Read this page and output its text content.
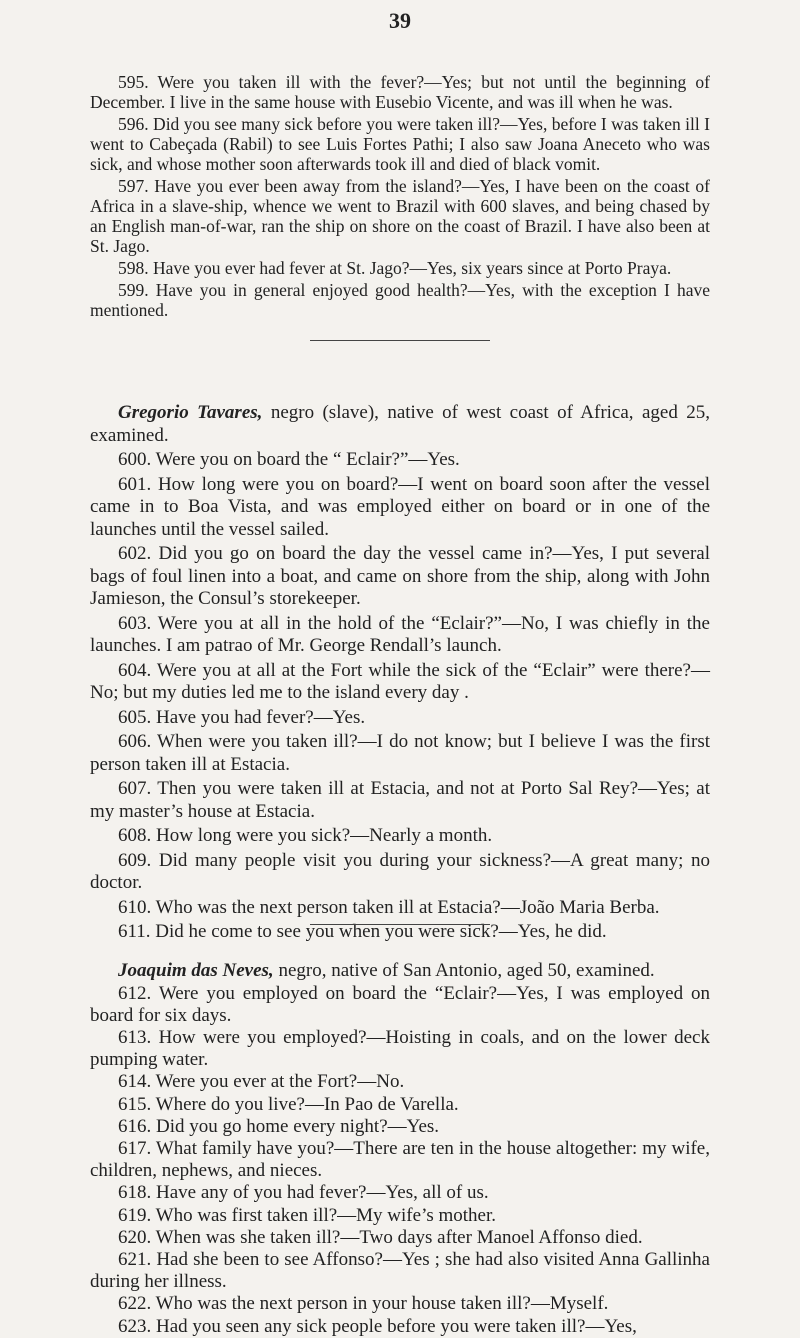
39

595. Were you taken ill with the fever?—Yes; but not until the beginning of December. I live in the same house with Eusebio Vicente, and was ill when he was.

596. Did you see many sick before you were taken ill?—Yes, before I was taken ill I went to Cabeçada (Rabil) to see Luis Fortes Pathi; I also saw Joana Aneceto who was sick, and whose mother soon afterwards took ill and died of black vomit.

597. Have you ever been away from the island?—Yes, I have been on the coast of Africa in a slave-ship, whence we went to Brazil with 600 slaves, and being chased by an English man-of-war, ran the ship on shore on the coast of Brazil. I have also been at St. Jago.

598. Have you ever had fever at St. Jago?—Yes, six years since at Porto Praya.

599. Have you in general enjoyed good health?—Yes, with the exception I have mentioned.

Gregorio Tavares, negro (slave), native of west coast of Africa, aged 25, examined.

600. Were you on board the “ Eclair?”—Yes.

601. How long were you on board?—I went on board soon after the vessel came in to Boa Vista, and was employed either on board or in one of the launches until the vessel sailed.

602. Did you go on board the day the vessel came in?—Yes, I put several bags of foul linen into a boat, and came on shore from the ship, along with John Jamieson, the Consul’s storekeeper.

603. Were you at all in the hold of the “Eclair?”—No, I was chiefly in the launches. I am patrao of Mr. George Rendall’s launch.

604. Were you at all at the Fort while the sick of the “Eclair” were there?—No; but my duties led me to the island every day .

605. Have you had fever?—Yes.

606. When were you taken ill?—I do not know; but I believe I was the first person taken ill at Estacia.

607. Then you were taken ill at Estacia, and not at Porto Sal Rey?—Yes; at my master’s house at Estacia.

608. How long were you sick?—Nearly a month.

609. Did many people visit you during your sickness?—A great many; no doctor.

610. Who was the next person taken ill at Estacia?—João Maria Berba.

611. Did he come to see you when you were sick?—Yes, he did.

Joaquim das Neves, negro, native of San Antonio, aged 50, examined.

612. Were you employed on board the “Eclair?—Yes, I was employed on board for six days.

613. How were you employed?—Hoisting in coals, and on the lower deck pumping water.

614. Were you ever at the Fort?—No.

615. Where do you live?—In Pao de Varella.

616. Did you go home every night?—Yes.

617. What family have you?—There are ten in the house altogether: my wife, children, nephews, and nieces.

618. Have any of you had fever?—Yes, all of us.

619. Who was first taken ill?—My wife’s mother.

620. When was she taken ill?—Two days after Manoel Affonso died.

621. Had she been to see Affonso?—Yes ; she had also visited Anna Gallinha during her illness.

622. Who was the next person in your house taken ill?—Myself.

623. Had you seen any sick people before you were taken ill?—Yes,
